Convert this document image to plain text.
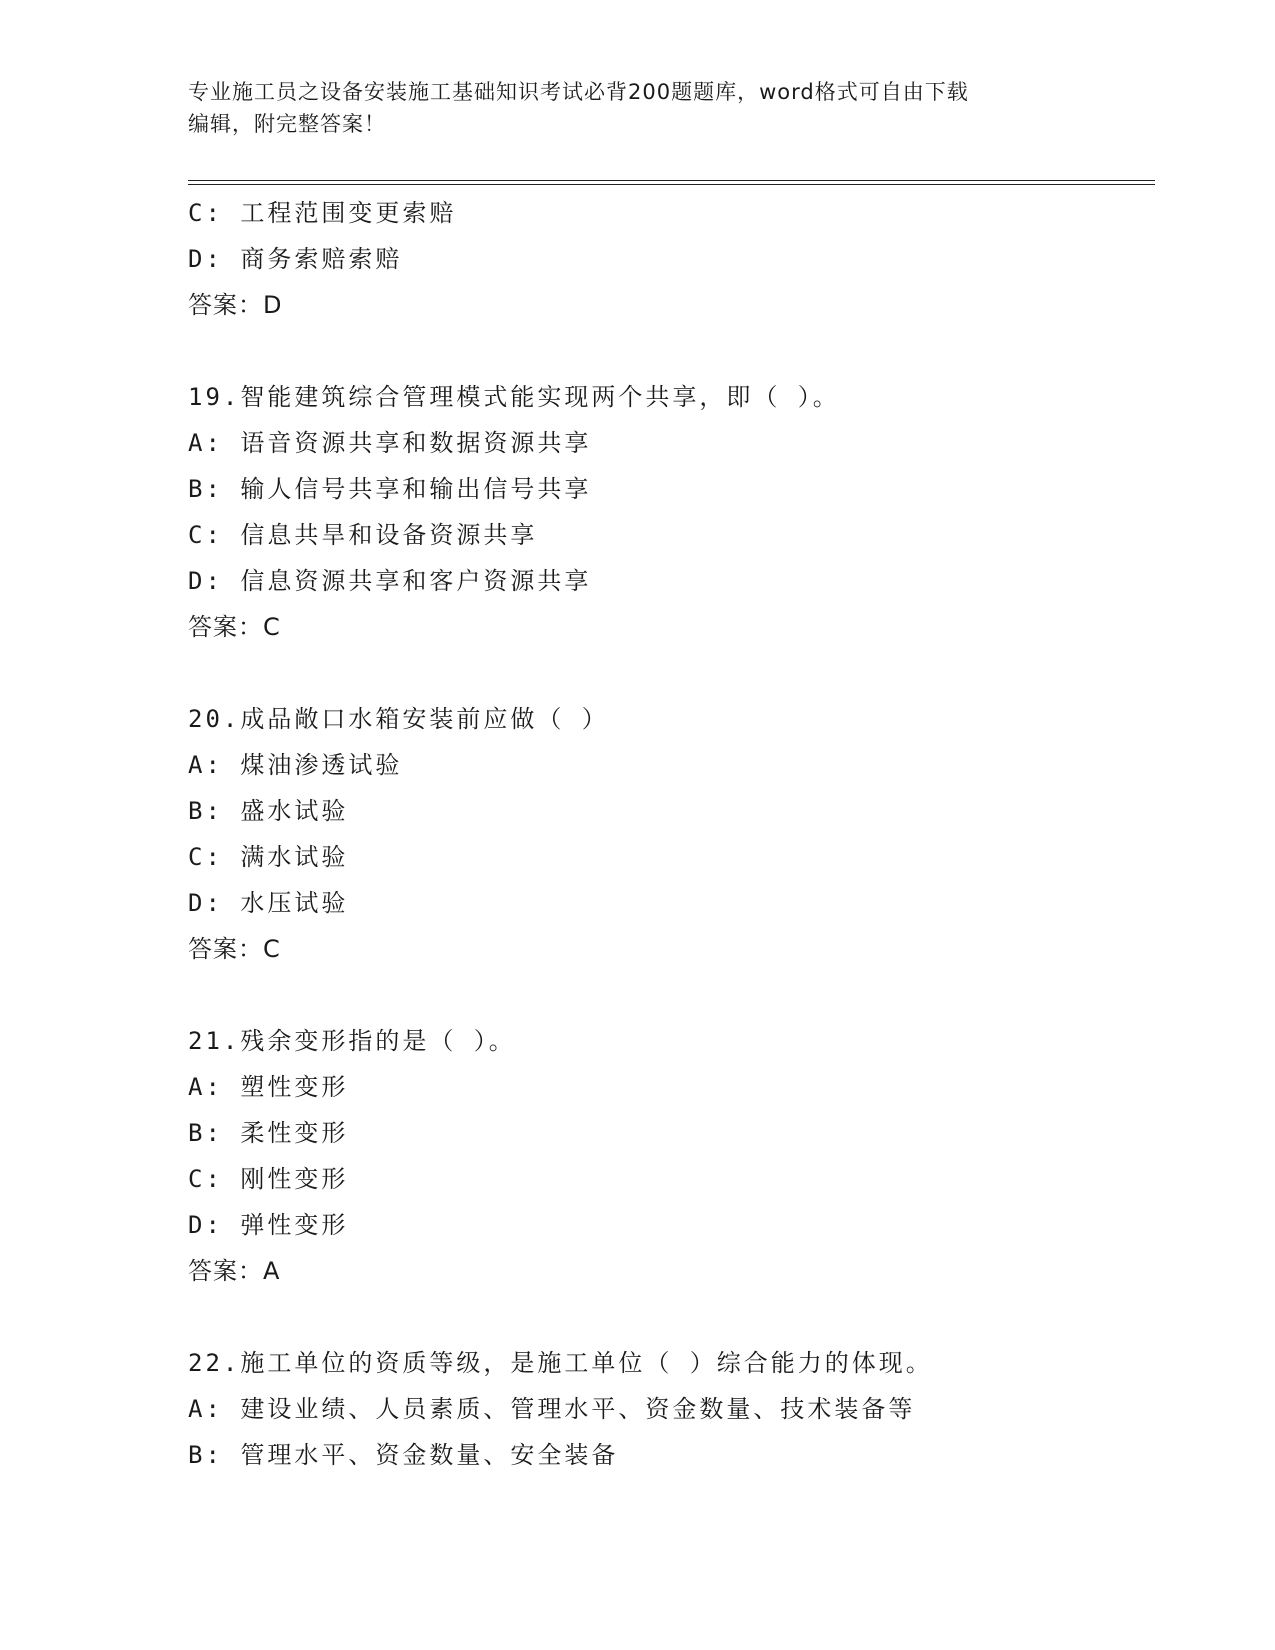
专业施工员之设备安装施工基础知识考试必背200题题库，word格式可自由下载
编辑，附完整答案！
C: 工程范围变更索赔
D: 商务索赔索赔
答案：D
19.智能建筑综合管理模式能实现两个共享，即（ ）。
A: 语音资源共享和数据资源共享
B: 输人信号共享和输出信号共享
C: 信息共旱和设备资源共享
D: 信息资源共享和客户资源共享
答案：C
20.成品敞口水箱安装前应做（ ）
A: 煤油渗透试验
B: 盛水试验
C: 满水试验
D: 水压试验
答案：C
21.残余变形指的是（ ）。
A: 塑性变形
B: 柔性变形
C: 刚性变形
D: 弹性变形
答案：A
22.施工单位的资质等级，是施工单位（ ）综合能力的体现。
A: 建设业绩、人员素质、管理水平、资金数量、技术装备等
B: 管理水平、资金数量、安全装备
